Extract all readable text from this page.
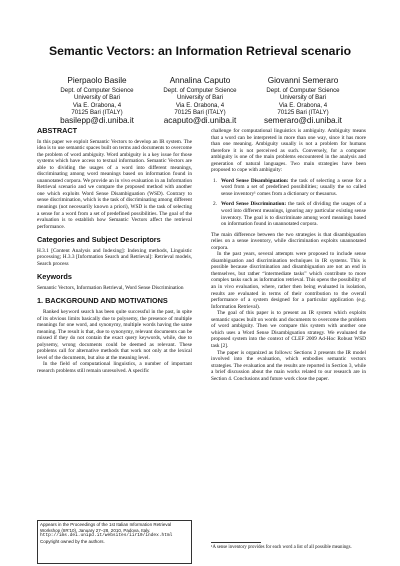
Semantic Vectors: an Information Retrieval scenario
Pierpaolo Basile
Dept. of Computer Science
University of Bari
Via E. Orabona, 4
70125 Bari (ITALY)
basilepp@di.uniba.it
Annalina Caputo
Dept. of Computer Science
University of Bari
Via E. Orabona, 4
70125 Bari (ITALY)
acaputo@di.uniba.it
Giovanni Semeraro
Dept. of Computer Science
University of Bari
Via E. Orabona, 4
70125 Bari (ITALY)
semeraro@di.uniba.it
ABSTRACT

In this paper we exploit Semantic Vectors to develop an IR system. The idea is to use semantic spaces built on terms and documents to overcome the problem of word ambiguity. Word ambiguity is a key issue for those systems which have access to textual information. Semantic Vectors are able to dividing the usages of a word into different meanings, discriminating among word meanings based on information found in unannotated corpora. We provide an in vivo evaluation in an Information Retrieval scenario and we compare the proposed method with another one which exploits Word Sense Disambiguation (WSD). Contrary to sense discrimination, which is the task of discriminating among different meanings (not necessarily known a priori), WSD is the task of selecting a sense for a word from a set of predefined possibilities. The goal of the evaluation is to establish how Semantic Vectors affect the retrieval performance.

Categories and Subject Descriptors

H.3.1 [Content Analysis and Indexing]: Indexing methods, Linguistic processing; H.3.3 [Information Search and Retrieval]: Retrieval models, Search process

Keywords

Semantic Vectors, Information Retrieval, Word Sense Discrimination

1. BACKGROUND AND MOTIVATIONS

Ranked keyword search has been quite successful in the past, in spite of its obvious limits basically due to polysemy, the presence of multiple meanings for one word, and synonymy, multiple words having the same meaning. The result is that, due to synonymy, relevant documents can be missed if they do not contain the exact query keywords, while, due to polysemy, wrong documents could be deemed as relevant. These problems call for alternative methods that work not only at the lexical level of the documents, but also at the meaning level.

In the field of computational linguistics, a number of important research problems still remain unresolved. A specific

Appears in the Proceedings of the 1st Italian Information Retrieval
Workshop (IIR'10), January 27–28, 2010, Padova, Italy.
http://ims.dei.unipd.it/websites/iir10/index.html
Copyright owned by the authors.

challenge for computational linguistics is ambiguity. Ambiguity means that a word can be interpreted in more than one way, since it has more than one meaning. Ambiguity usually is not a problem for humans therefore it is not perceived as such. Conversely, for a computer ambiguity is one of the main problems encountered in the analysis and generation of natural languages. Two main strategies have been proposed to cope with ambiguity:

1. Word Sense Disambiguation: the task of selecting a sense for a word from a set of predefined possibilities; usually the so called sense inventory¹ comes from a dictionary or thesaurus.
2. Word Sense Discrimination: the task of dividing the usages of a word into different meanings, ignoring any particular existing sense inventory. The goal is to discriminate among word meanings based on information found in unannotated corpora.

The main difference between the two strategies is that disambiguation relies on a sense inventory, while discrimination exploits unannotated corpora.

In the past years, several attempts were proposed to include sense disambiguation and discrimination techniques in IR systems. This is possible because discrimination and disambiguation are not an end in themselves, but rather “intermediate tasks” which contribute to more complex tasks such as information retrieval. This opens the possibility of an in vivo evaluation, where, rather then being evaluated in isolation, results are evaluated in terms of their contribution to the overall performance of a system designed for a particular application (e.g. Information Retrieval).

The goal of this paper is to present an IR system which exploits semantic spaces built on words and documents to overcome the problem of word ambiguity. Then we compare this system with another one which uses a Word Sense Disambiguation strategy. We evaluated the proposed system into the context of CLEF 2009 Ad-Hoc Robust WSD task [2].

The paper is organized as follows: Sections 2 presents the IR model involved into the evaluation, which embodies semantic vectors strategies. The evaluation and the results are reported in Section 3, while a brief discussion about the main works related to our research are in Section 4. Conclusions and future work close the paper.

¹A sense inventory provides for each word a list of all possible meanings.
